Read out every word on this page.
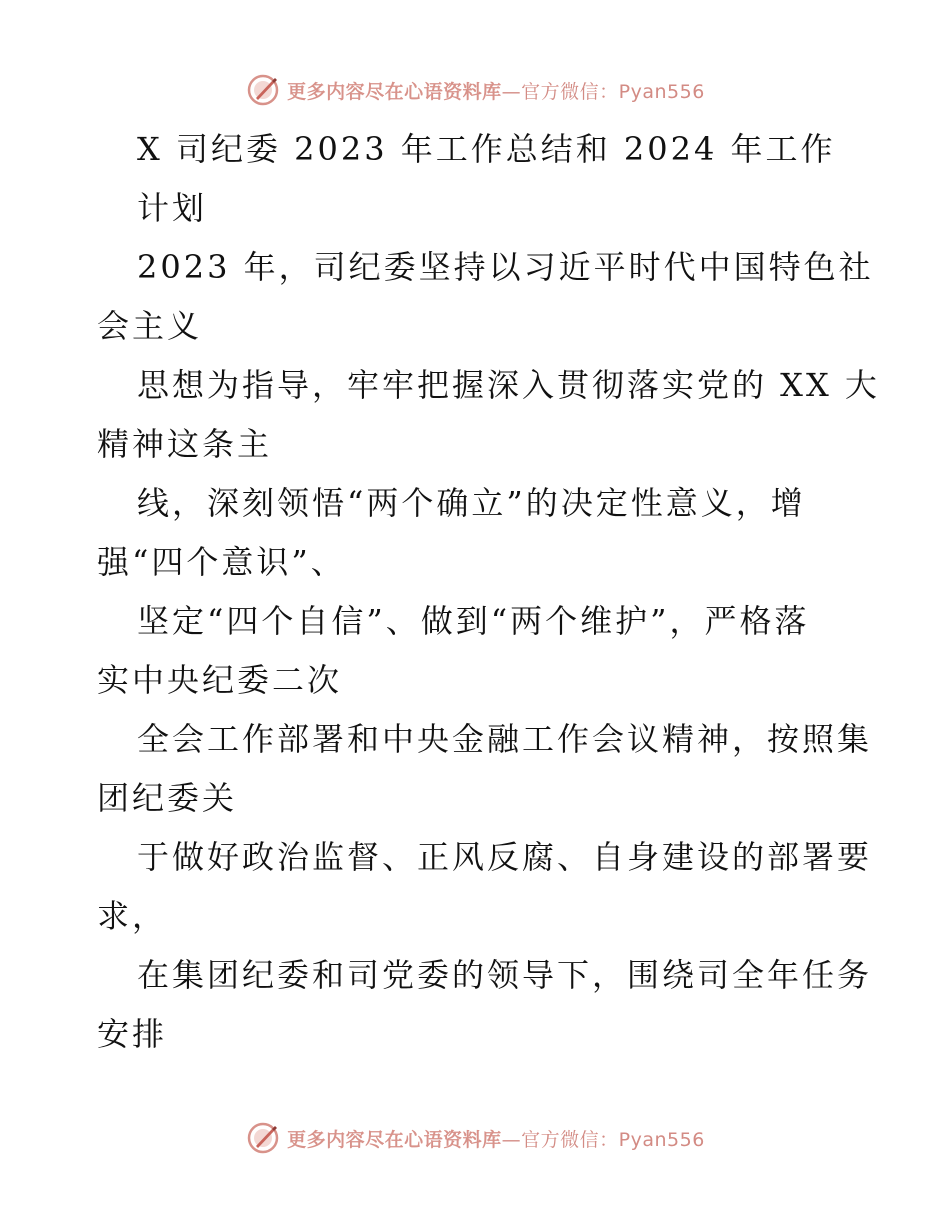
更多内容尽在心语资料库—官方微信：Pyan556
X 司纪委 2023 年工作总结和 2024 年工作
计划
2023 年，司纪委坚持以习近平时代中国特色社
会主义
思想为指导，牢牢把握深入贯彻落实党的 XX 大
精神这条主
线，深刻领悟“两个确立”的决定性意义，增
强“四个意识”、
坚定“四个自信”、做到“两个维护”，严格落
实中央纪委二次
全会工作部署和中央金融工作会议精神，按照集
团纪委关
于做好政治监督、正风反腐、自身建设的部署要
求，
在集团纪委和司党委的领导下，围绕司全年任务
安排
更多内容尽在心语资料库—官方微信：Pyan556
